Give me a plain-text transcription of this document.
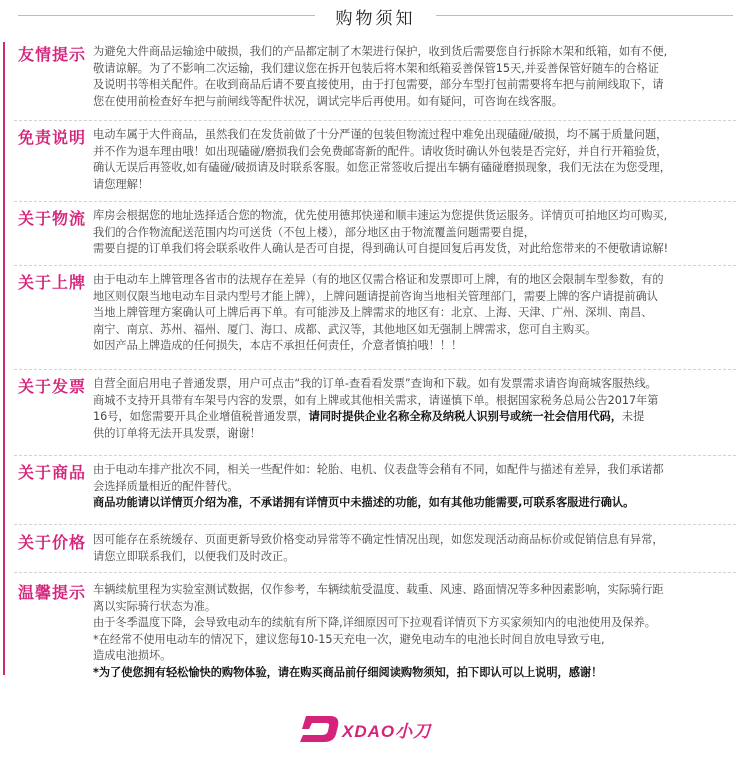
购物须知
友情提示 为避免大件商品运输途中破损，我们的产品都定制了木架进行保护，收到货后需要您自行拆除木架和纸箱，如有不便,

敬请谅解。为了不影响二次运输，我们建议您在拆开包装后将木架和纸箱妥善保管15天,并妥善保管好随车的合格证

及说明书等相关配件。在收到商品后请不要直接使用，由于打包需要，部分车型打包前需要将车把与前闸线取下，请

您在使用前检查好车把与前闸线等配件状况，调试完毕后再使用。如有疑问，可咨询在线客服。

免责说明 电动车属于大件商品，虽然我们在发货前做了十分严谨的包装但物流过程中难免出现磕碰/破损，均不属于质量问题，

并不作为退车理由哦！如出现磕碰/磨损我们会免费邮寄新的配件。请收货时确认外包装是否完好，并自行开箱验货，

确认无误后再签收,如有磕碰/破损请及时联系客服。如您正常签收后提出车辆有磕碰磨损现象，我们无法在为您受理，

请您理解！

关于物流 库房会根据您的地址选择适合您的物流，优先使用德邦快递和顺丰速运为您提供货运服务。详情页可拍地区均可购买,

我们的合作物流配送范围内均可送货（不包上楼），部分地区由于物流覆盖问题需要自提，

需要自提的订单我们将会联系收件人确认是否可自提，得到确认可自提回复后再发货，对此给您带来的不便敬请谅解!

关于上牌 由于电动车上牌管理各省市的法规存在差异（有的地区仅需合格证和发票即可上牌，有的地区会限制车型参数，有的

地区则仅限当地电动车目录内型号才能上牌），上牌问题请提前咨询当地相关管理部门，需要上牌的客户请提前确认

当地上牌管理方案确认可上牌后再下单。有可能涉及上牌需求的地区有：北京、上海、天津、广州、深圳、南昌、

南宁、南京、苏州、福州、厦门、海口、成都、武汉等，其他地区如无强制上牌需求，您可自主购买。

如因产品上牌造成的任何损失，本店不承担任何责任，介意者慎拍哦！！！

关于发票 自营全面启用电子普通发票，用户可点击“我的订单-查看看发票”查询和下载。如有发票需求请咨询商城客服热线。

商城不支持开具带有车架号内容的发票，如有上牌或其他相关需求，请谨慎下单。根据国家税务总局公告2017年第

16号，如您需要开具企业增值税普通发票，请同时提供企业名称全称及纳税人识别号或统一社会信用代码，未提

供的订单将无法开具发票，谢谢！

关于商品 由于电动车排产批次不同，相关一些配件如：轮胎、电机、仪表盘等会稍有不同，如配件与描述有差异，我们承诺都

会选择质量相近的配件替代。

商品功能请以详情页介绍为准，不承诺拥有详情页中未描述的功能，如有其他功能需要,可联系客服进行确认。

关于价格 因可能存在系统缓存、页面更新导致价格变动异常等不确定性情况出现，如您发现活动商品标价或促销信息有异常，

请您立即联系我们，以便我们及时改正。

温馨提示 车辆续航里程为实验室测试数据，仅作参考，车辆续航受温度、载重、风速、路面情况等多种因素影响，实际骑行距

离以实际骑行状态为准。

由于冬季温度下降，会导致电动车的续航有所下降,详细原因可下拉观看详情页下方买家须知内的电池使用及保养。

*在经常不使用电动车的情况下，建议您每10-15天充电一次，避免电动车的电池长时间自放电导致亏电,

造成电池损坏。

*为了使您拥有轻松愉快的购物体验，请在购买商品前仔细阅读购物须知，拍下即认可以上说明，感谢！

XDAO小刀
